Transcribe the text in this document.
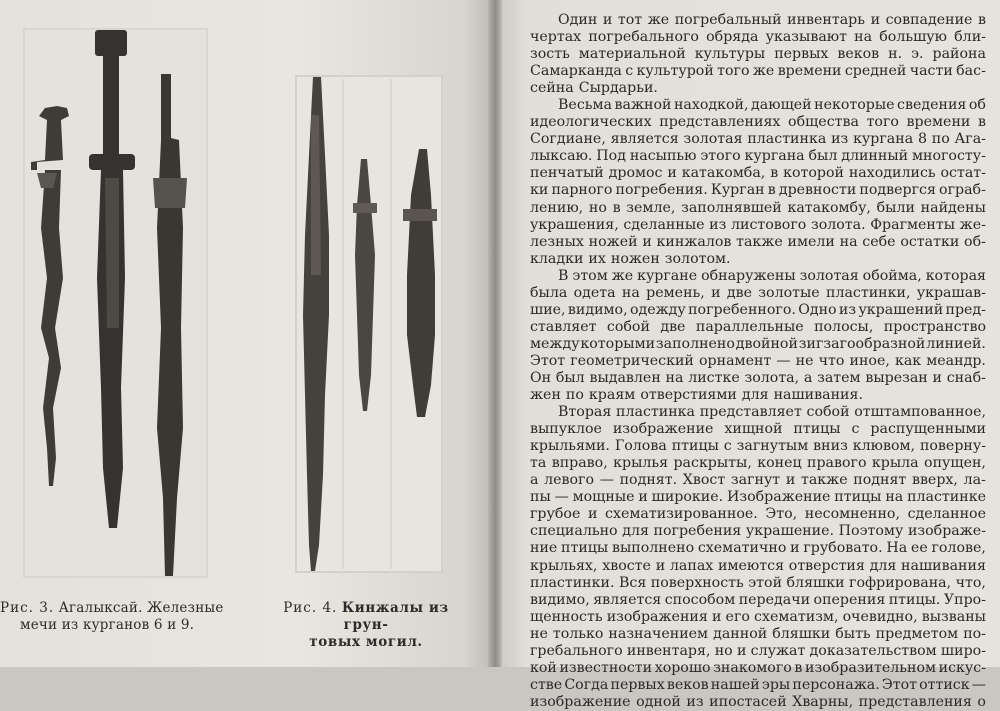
Рис. 3. Агалыксай. Железные
мечи из курганов 6 и 9.
Рис. 4. Кинжалы из грун-
товых могил.
Один и тот же погребальный инвентарь и совпадение в
чертах погребального обряда указывают на большую бли-
зость материальной культуры первых веков н. э. района
Самарканда с культурой того же времени средней части бас-
сейна Сырдарьи.
Весьма важной находкой, дающей некоторые сведения об
идеологических представлениях общества того времени в
Согдиане, является золотая пластинка из кургана 8 по Ага-
лыксаю. Под насыпью этого кургана был длинный многосту-
пенчатый дромос и катакомба, в которой находились остат-
ки парного погребения. Курган в древности подвергся ограб-
лению, но в земле, заполнявшей катакомбу, были найдены
украшения, сделанные из листового золота. Фрагменты же-
лезных ножей и кинжалов также имели на себе остатки об-
кладки их ножен золотом.
В этом же кургане обнаружены золотая обойма, которая
была одета на ремень, и две золотые пластинки, украшав-
шие, видимо, одежду погребенного. Одно из украшений пред-
ставляет собой две параллельные полосы, пространство
между которыми заполнено двойной зигзагообразной линией.
Этот геометрический орнамент — не что иное, как меандр.
Он был выдавлен на листке золота, а затем вырезан и снаб-
жен по краям отверстиями для нашивания.
Вторая пластинка представляет собой отштампованное,
выпуклое изображение хищной птицы с распущенными
крыльями. Голова птицы с загнутым вниз клювом, поверну-
та вправо, крылья раскрыты, конец правого крыла опущен,
а левого — поднят. Хвост загнут и также поднят вверх, ла-
пы — мощные и широкие. Изображение птицы на пластинке
грубое и схематизированное. Это, несомненно, сделанное
специально для погребения украшение. Поэтому изображе-
ние птицы выполнено схематично и грубовато. На ее голове,
крыльях, хвосте и лапах имеются отверстия для нашивания
пластинки. Вся поверхность этой бляшки гофрирована, что,
видимо, является способом передачи оперения птицы. Упро-
щенность изображения и его схематизм, очевидно, вызваны
не только назначением данной бляшки быть предметом по-
гребального инвентаря, но и служат доказательством широ-
кой известности хорошо знакомого в изобразительном искус-
стве Согда первых веков нашей эры персонажа. Этот оттиск —
изображение одной из ипостасей Хварны, представления о
